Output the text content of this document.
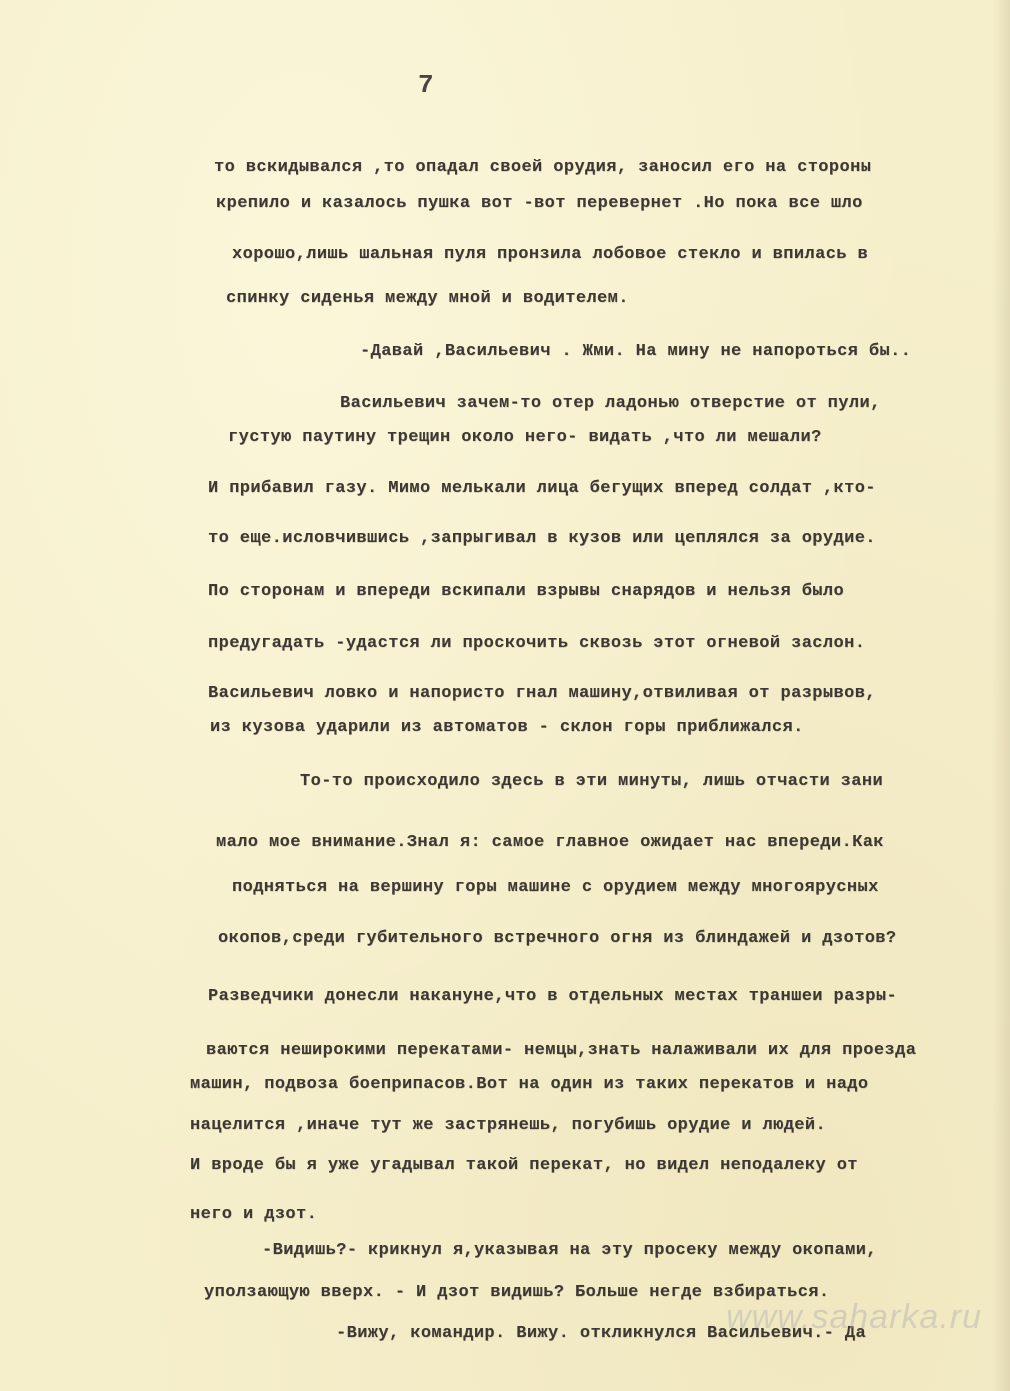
7
то вскидывался ,то опадал своей орудия, заносил его на стороны
крепило и казалось пушка вот -вот перевернет .Но пока все шло
хорошо,лишь шальная пуля пронзила лобовое стекло и впилась в
спинку сиденья между мной и водителем.
-Давай ,Васильевич . Жми. На мину не напороться бы..
Васильевич зачем-то отер ладонью отверстие от пули,
густую паутину трещин около него- видать ,что ли мешали?
И прибавил газу. Мимо мелькали лица бегущих вперед солдат ,кто-
то еще.исловчившись ,запрыгивал в кузов или цеплялся за орудие.
По сторонам и впереди вскипали взрывы снарядов и нельзя было
предугадать -удастся ли проскочить сквозь этот огневой заслон.
Васильевич ловко и напористо гнал машину,отвиливая от разрывов,
из кузова ударили из автоматов - склон горы приближался.
То-то происходило здесь в эти минуты, лишь отчасти зани
мало мое внимание.Знал я: самое главное ожидает нас впереди.Как
подняться на вершину горы машине с орудием между многоярусных
окопов,среди губительного встречного огня из блиндажей и дзотов?
Разведчики донесли накануне,что в отдельных местах траншеи разры-
ваются неширокими перекатами- немцы,знать налаживали их для проезда
машин, подвоза боеприпасов.Вот на один из таких перекатов и надо
нацелится ,иначе тут же застрянешь, погубишь орудие и людей.
И вроде бы я уже угадывал такой перекат, но видел неподалеку от
него и дзот.
-Видишь?- крикнул я,указывая на эту просеку между окопами,
уползающую вверх. - И дзот видишь? Больше негде взбираться.
-Вижу, командир. Вижу. откликнулся Васильевич.- Да
www.saharka.ru
